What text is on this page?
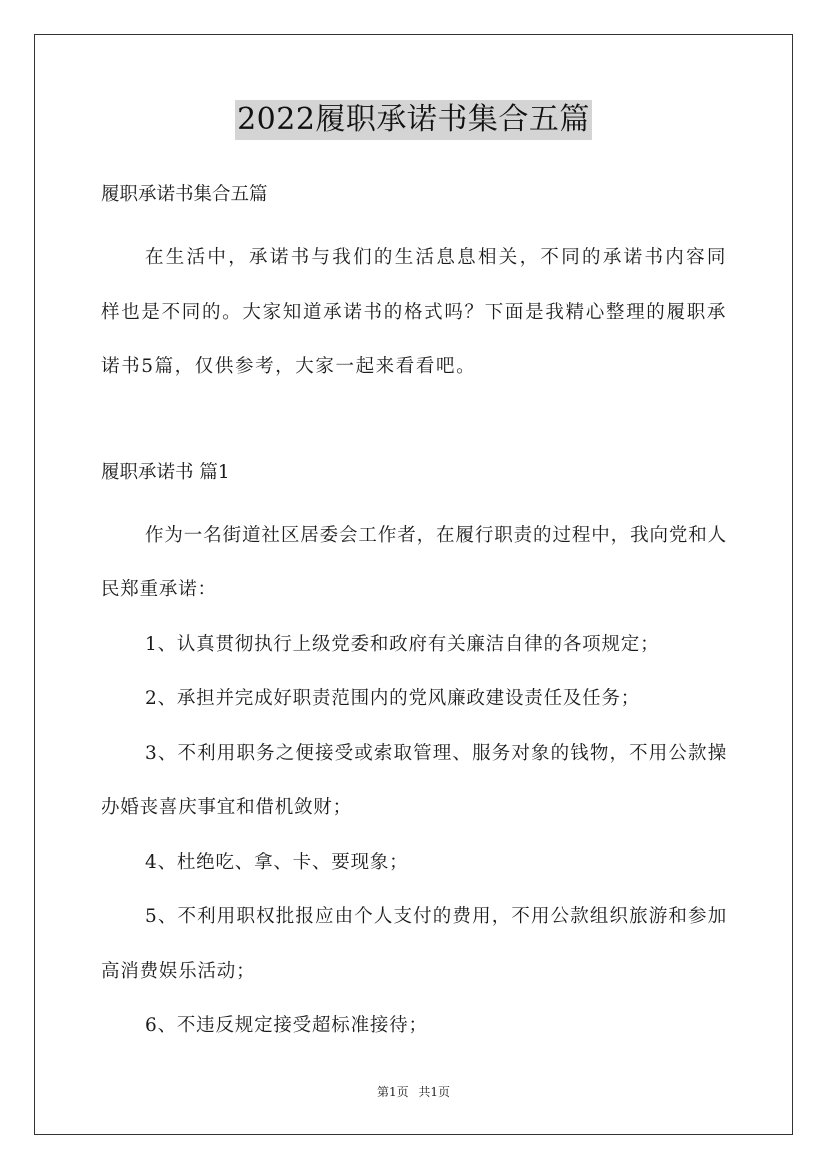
2022履职承诺书集合五篇

履职承诺书集合五篇

在生活中，承诺书与我们的生活息息相关，不同的承诺书内容同样也是不同的。大家知道承诺书的格式吗？下面是我精心整理的履职承诺书5篇，仅供参考，大家一起来看看吧。

履职承诺书 篇1

作为一名街道社区居委会工作者，在履行职责的过程中，我向党和人民郑重承诺：

1、认真贯彻执行上级党委和政府有关廉洁自律的各项规定；

2、承担并完成好职责范围内的党风廉政建设责任及任务；

3、不利用职务之便接受或索取管理、服务对象的钱物，不用公款操办婚丧喜庆事宜和借机敛财；

4、杜绝吃、拿、卡、要现象；

5、不利用职权批报应由个人支付的费用，不用公款组织旅游和参加高消费娱乐活动；

6、不违反规定接受超标准接待；

第1页 共1页
